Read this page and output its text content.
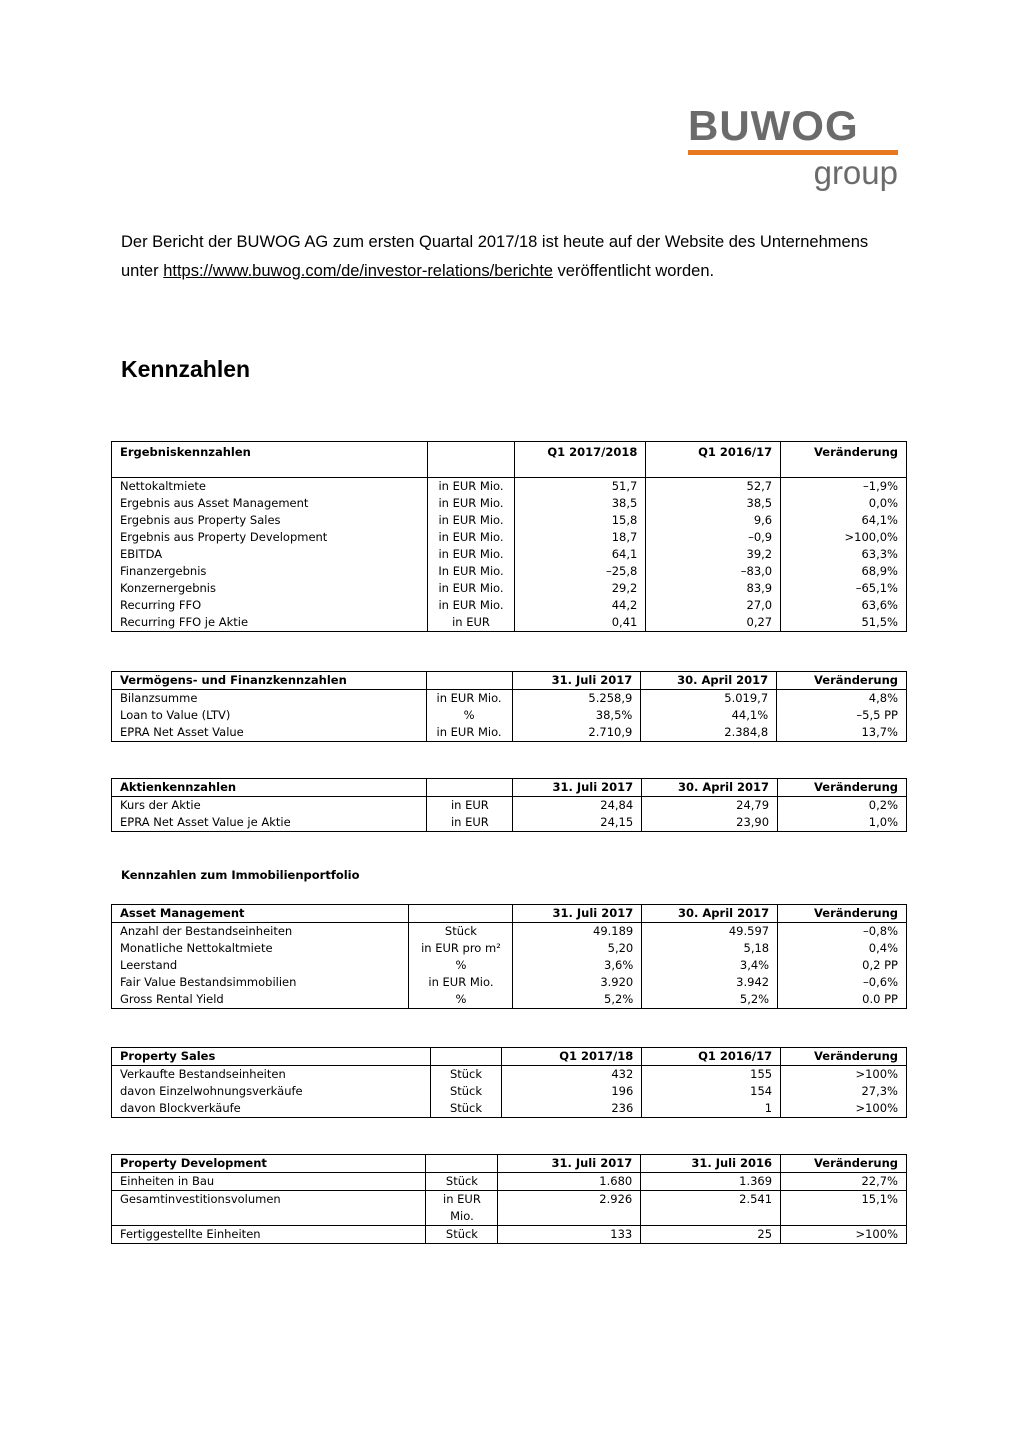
BUWOG
group
Der Bericht der BUWOG AG zum ersten Quartal 2017/18 ist heute auf der Website des Unternehmens
unter https://www.buwog.com/de/investor-relations/berichte veröffentlicht worden.
Kennzahlen
Ergebniskennzahlen		Q1 2017/2018	Q1 2016/17	Veränderung
Nettokaltmiete	in EUR Mio.	51,7	52,7	–1,9%
Ergebnis aus Asset Management	in EUR Mio.	38,5	38,5	0,0%
Ergebnis aus Property Sales	in EUR Mio.	15,8	9,6	64,1%
Ergebnis aus Property Development	in EUR Mio.	18,7	–0,9	>100,0%
EBITDA	in EUR Mio.	64,1	39,2	63,3%
Finanzergebnis	In EUR Mio.	–25,8	–83,0	68,9%
Konzernergebnis	in EUR Mio.	29,2	83,9	–65,1%
Recurring FFO	in EUR Mio.	44,2	27,0	63,6%
Recurring FFO je Aktie	in EUR	0,41	0,27	51,5%
Vermögens- und Finanzkennzahlen		31. Juli 2017	30. April 2017	Veränderung
Bilanzsumme	in EUR Mio.	5.258,9	5.019,7	4,8%
Loan to Value (LTV)	%	38,5%	44,1%	–5,5 PP
EPRA Net Asset Value	in EUR Mio.	2.710,9	2.384,8	13,7%
Aktienkennzahlen		31. Juli 2017	30. April 2017	Veränderung
Kurs der Aktie	in EUR	24,84	24,79	0,2%
EPRA Net Asset Value je Aktie	in EUR	24,15	23,90	1,0%
Kennzahlen zum Immobilienportfolio
Asset Management		31. Juli 2017	30. April 2017	Veränderung
Anzahl der Bestandseinheiten	Stück	49.189	49.597	–0,8%
Monatliche Nettokaltmiete	in EUR pro m²	5,20	5,18	0,4%
Leerstand	%	3,6%	3,4%	0,2 PP
Fair Value Bestandsimmobilien	in EUR Mio.	3.920	3.942	–0,6%
Gross Rental Yield	%	5,2%	5,2%	0.0 PP
Property Sales		Q1 2017/18	Q1 2016/17	Veränderung
Verkaufte Bestandseinheiten	Stück	432	155	>100%
davon Einzelwohnungsverkäufe	Stück	196	154	27,3%
davon Blockverkäufe	Stück	236	1	>100%
Property Development		31. Juli 2017	31. Juli 2016	Veränderung
Einheiten in Bau	Stück	1.680	1.369	22,7%
Gesamtinvestitionsvolumen	in EUR Mio.	2.926	2.541	15,1%
Fertiggestellte Einheiten	Stück	133	25	>100%
